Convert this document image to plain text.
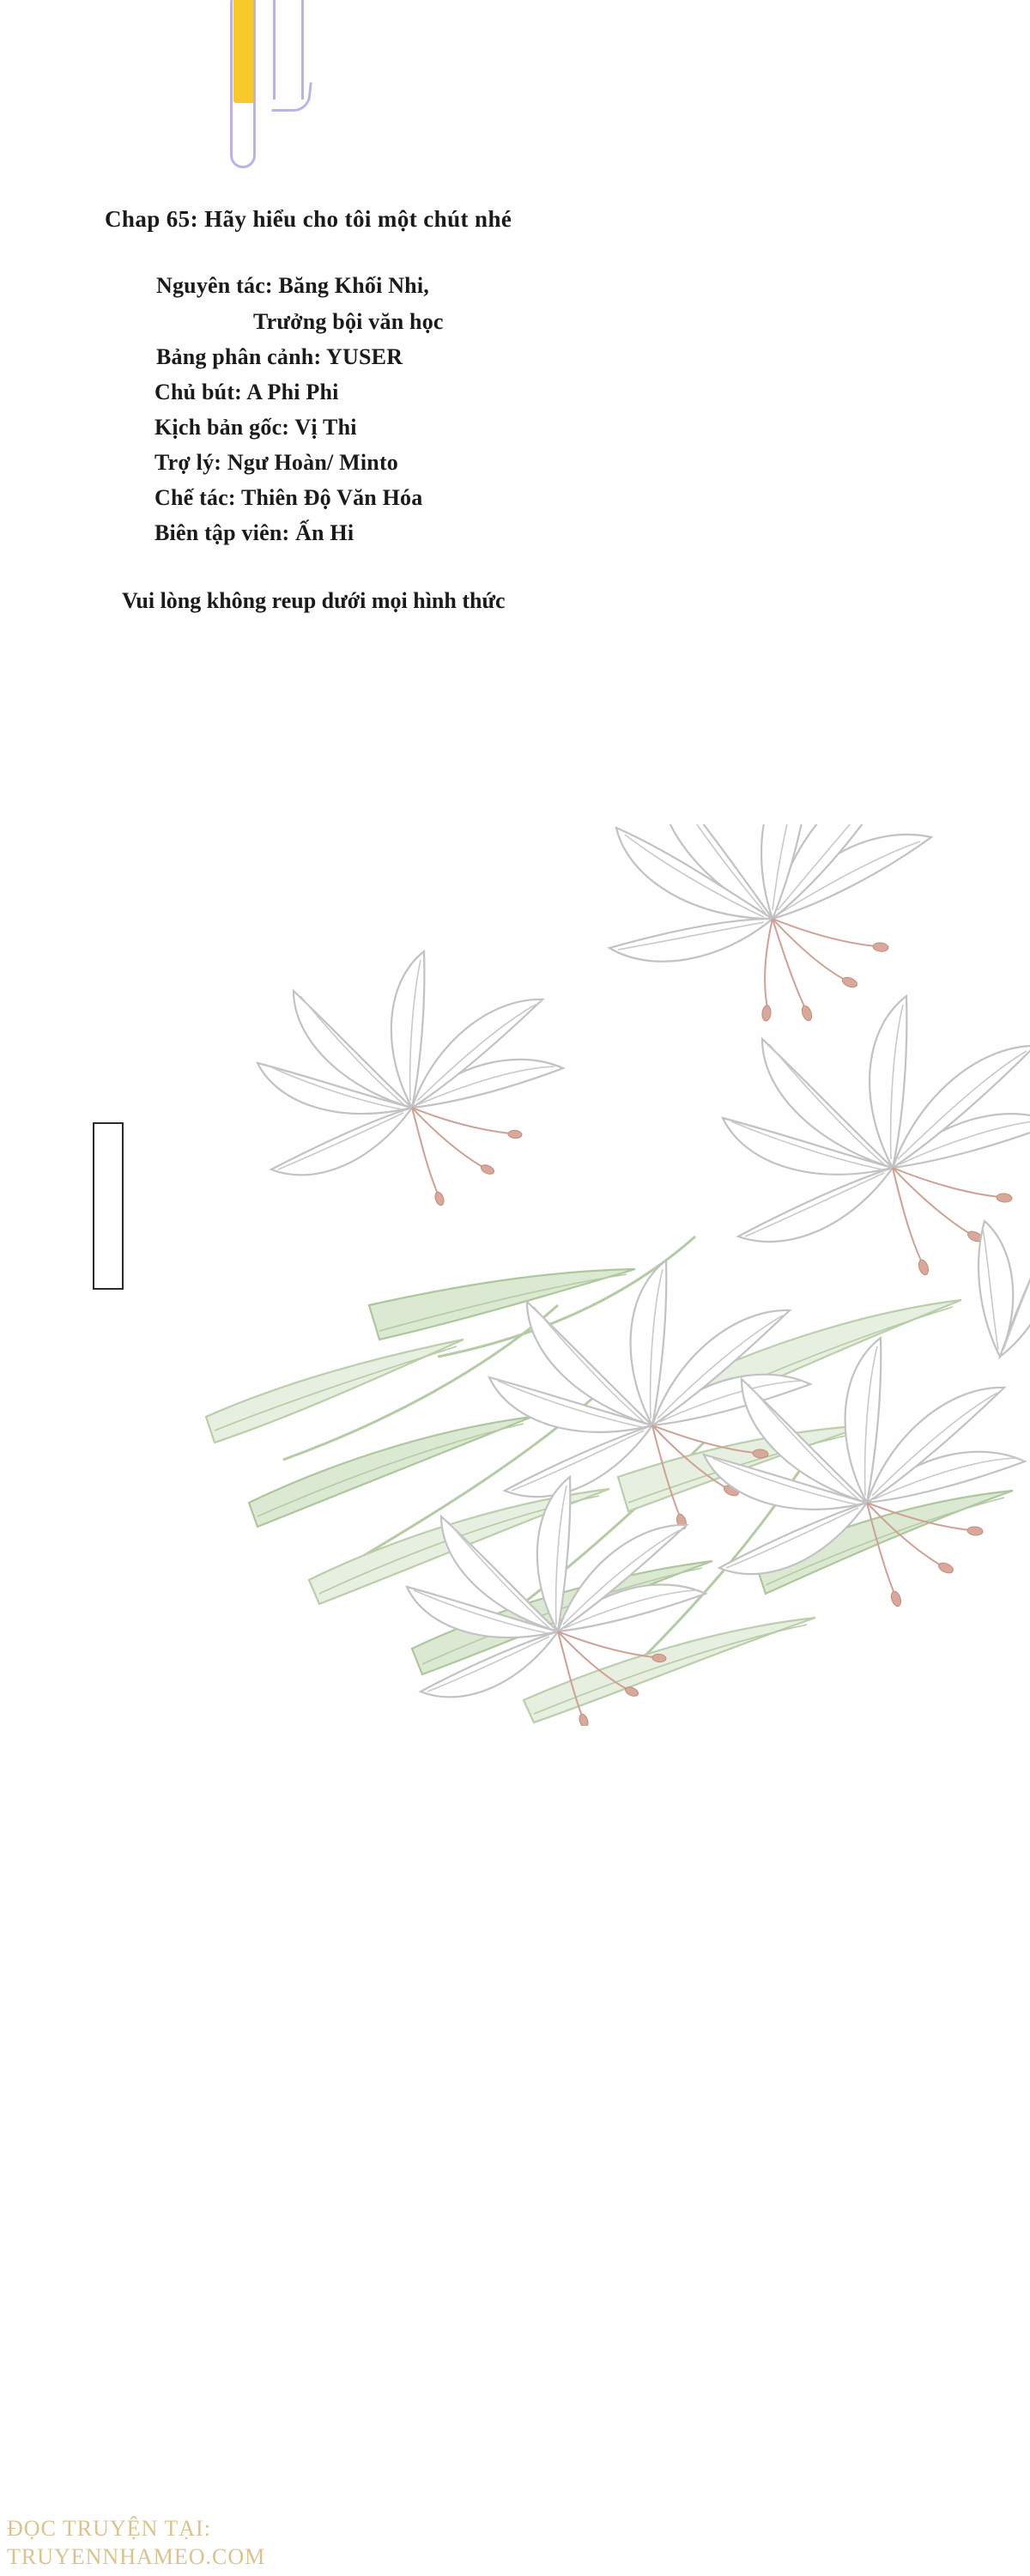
Chap 65: Hãy hiểu cho tôi một chút nhé
Nguyên tác: Băng Khối Nhi,
Trưởng bội văn học
Bảng phân cảnh: YUSER
Chủ bút: A Phi Phi
Kịch bản gốc: Vị Thi
Trợ lý: Ngư Hoàn/ Minto
Chế tác: Thiên Độ Văn Hóa
Biên tập viên: Ấn Hi
Vui lòng không reup dưới mọi hình thức
ĐỌC TRUYỆN TẠI:
TRUYENNHAMEO.COM
